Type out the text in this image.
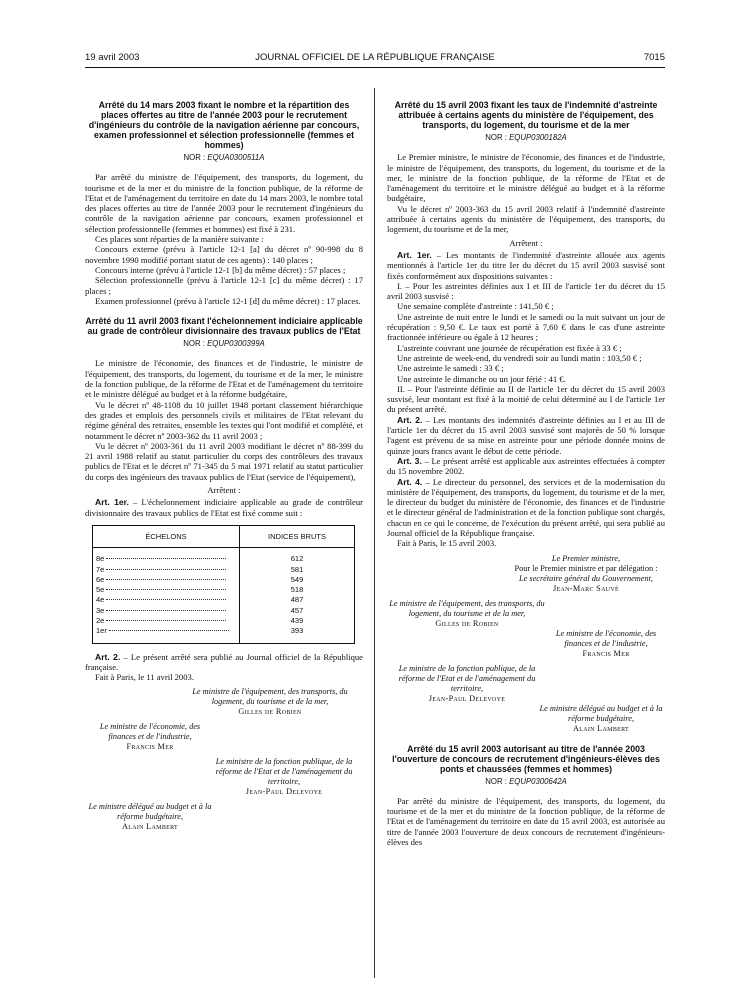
19 avril 2003	JOURNAL OFFICIEL DE LA RÉPUBLIQUE FRANÇAISE	7015
Arrêté du 14 mars 2003 fixant le nombre et la répartition des places offertes au titre de l'année 2003 pour le recrutement d'ingénieurs du contrôle de la navigation aérienne par concours, examen professionnel et sélection professionnelle (femmes et hommes)
NOR : EQUA0300511A

Par arrêté du ministre de l'équipement, des transports, du logement, du tourisme et de la mer et du ministre de la fonction publique, de la réforme de l'Etat et de l'aménagement du territoire en date du 14 mars 2003, le nombre total des places offertes au titre de l'année 2003 pour le recrutement d'ingénieurs du contrôle de la navigation aérienne par concours, examen professionnel et sélection professionnelle (femmes et hommes) est fixé à 231.

Ces places sont réparties de la manière suivante :

Concours externe (prévu à l'article 12-1 [a] du décret nº 90-998 du 8 novembre 1990 modifié portant statut de ces agents) : 140 places ;

Concours interne (prévu à l'article 12-1 [b] du même décret) : 57 places ;

Sélection professionnelle (prévu à l'article 12-1 [c] du même décret) : 17 places ;

Examen professionnel (prévu à l'article 12-1 [d] du même décret) : 17 places.

Arrêté du 11 avril 2003 fixant l'échelonnement indiciaire applicable au grade de contrôleur divisionnaire des travaux publics de l'Etat
NOR : EQUP0300399A

Le ministre de l'économie, des finances et de l'industrie, le ministre de l'équipement, des transports, du logement, du tourisme et de la mer, le ministre de la fonction publique, de la réforme de l'Etat et de l'aménagement du territoire et le ministre délégué au budget et à la réforme budgétaire,

Vu le décret nº 48-1108 du 10 juillet 1948 portant classement hiérarchique des grades et emplois des personnels civils et militaires de l'Etat relevant du régime général des retraites, ensemble les textes qui l'ont modifié et complété, et notamment le décret nº 2003-362 du 11 avril 2003 ;

Vu le décret nº 2003-361 du 11 avril 2003 modifiant le décret nº 88-399 du 21 avril 1988 relatif au statut particulier du corps des contrôleurs des travaux publics de l'Etat et le décret nº 71-345 du 5 mai 1971 relatif au statut particulier du corps des ingénieurs des travaux publics de l'Etat (service de l'équipement),

Arrêtent :

Art. 1er. – L'échelonnement indiciaire applicable au grade de contrôleur divisionnaire des travaux publics de l'Etat est fixé comme suit :

ÉCHELONS	INDICES BRUTS
8e	612
7e	581
6e	549
5e	518
4e	487
3e	457
2e	439
1er	393

Art. 2. – Le présent arrêté sera publié au Journal officiel de la République française.

Fait à Paris, le 11 avril 2003.

Le ministre de l'équipement, des transports, du logement, du tourisme et de la mer,
Gilles de Robien
Le ministre de l'économie, des finances et de l'industrie,
Francis Mer
Le ministre de la fonction publique, de la réforme de l'Etat et de l'aménagement du territoire,
Jean-Paul Delevoye
Le ministre délégué au budget et à la réforme budgétaire,
Alain Lambert
Arrêté du 15 avril 2003 fixant les taux de l'indemnité d'astreinte attribuée à certains agents du ministère de l'équipement, des transports, du logement, du tourisme et de la mer
NOR : EQUP0300182A

Le Premier ministre, le ministre de l'économie, des finances et de l'industrie, le ministre de l'équipement, des transports, du logement, du tourisme et de la mer, le ministre de la fonction publique, de la réforme de l'Etat et de l'aménagement du territoire et le ministre délégué au budget et à la réforme budgétaire,

Vu le décret nº 2003-363 du 15 avril 2003 relatif à l'indemnité d'astreinte attribuée à certains agents du ministère de l'équipement, des transports, du logement, du tourisme et de la mer,

Arrêtent :

Art. 1er. – Les montants de l'indemnité d'astreinte allouée aux agents mentionnés à l'article 1er du titre Ier du décret du 15 avril 2003 susvisé sont fixés conformément aux dispositions suivantes :

I. – Pour les astreintes définies aux I et III de l'article 1er du décret du 15 avril 2003 susvisé :

Une semaine complète d'astreinte : 141,50 € ;

Une astreinte de nuit entre le lundi et le samedi ou la nuit suivant un jour de récupération : 9,50 €. Le taux est porté à 7,60 € dans le cas d'une astreinte fractionnée inférieure ou égale à 12 heures ;

L'astreinte couvrant une journée de récupération est fixée à 33 € ;

Une astreinte de week-end, du vendredi soir au lundi matin : 103,50 € ;

Une astreinte le samedi : 33 € ;

Une astreinte le dimanche ou un jour férié : 41 €.

II. – Pour l'astreinte définie au II de l'article 1er du décret du 15 avril 2003 susvisé, leur montant est fixé à la moitié de celui déterminé au I de l'article 1er du présent arrêté.

Art. 2. – Les montants des indemnités d'astreinte définies au I et au III de l'article 1er du décret du 15 avril 2003 susvisé sont majorés de 50 % lorsque l'agent est prévenu de sa mise en astreinte pour une période donnée moins de quinze jours francs avant le début de cette période.

Art. 3. – Le présent arrêté est applicable aux astreintes effectuées à compter du 15 novembre 2002.

Art. 4. – Le directeur du personnel, des services et de la modernisation du ministère de l'équipement, des transports, du logement, du tourisme et de la mer, le directeur du budget du ministère de l'économie, des finances et de l'industrie et le directeur général de l'administration et de la fonction publique sont chargés, chacun en ce qui le concerne, de l'exécution du présent arrêté, qui sera publié au Journal officiel de la République française.

Fait à Paris, le 15 avril 2003.

Le Premier ministre,
Pour le Premier ministre et par délégation :
Le secrétaire général du Gouvernement,
Jean-Marc Sauvé
Le ministre de l'équipement, des transports, du logement, du tourisme et de la mer,
Gilles de Robien
Le ministre de l'économie, des finances et de l'industrie,
Francis Mer
Le ministre de la fonction publique, de la réforme de l'Etat et de l'aménagement du territoire,
Jean-Paul Delevoye
Le ministre délégué au budget et à la réforme budgétaire,
Alain Lambert
Arrêté du 15 avril 2003 autorisant au titre de l'année 2003 l'ouverture de concours de recrutement d'ingénieurs-élèves des ponts et chaussées (femmes et hommes)
NOR : EQUP0300642A

Par arrêté du ministre de l'équipement, des transports, du logement, du tourisme et de la mer et du ministre de la fonction publique, de la réforme de l'Etat et de l'aménagement du territoire en date du 15 avril 2003, est autorisée au titre de l'année 2003 l'ouverture de deux concours de recrutement d'ingénieurs-élèves des
